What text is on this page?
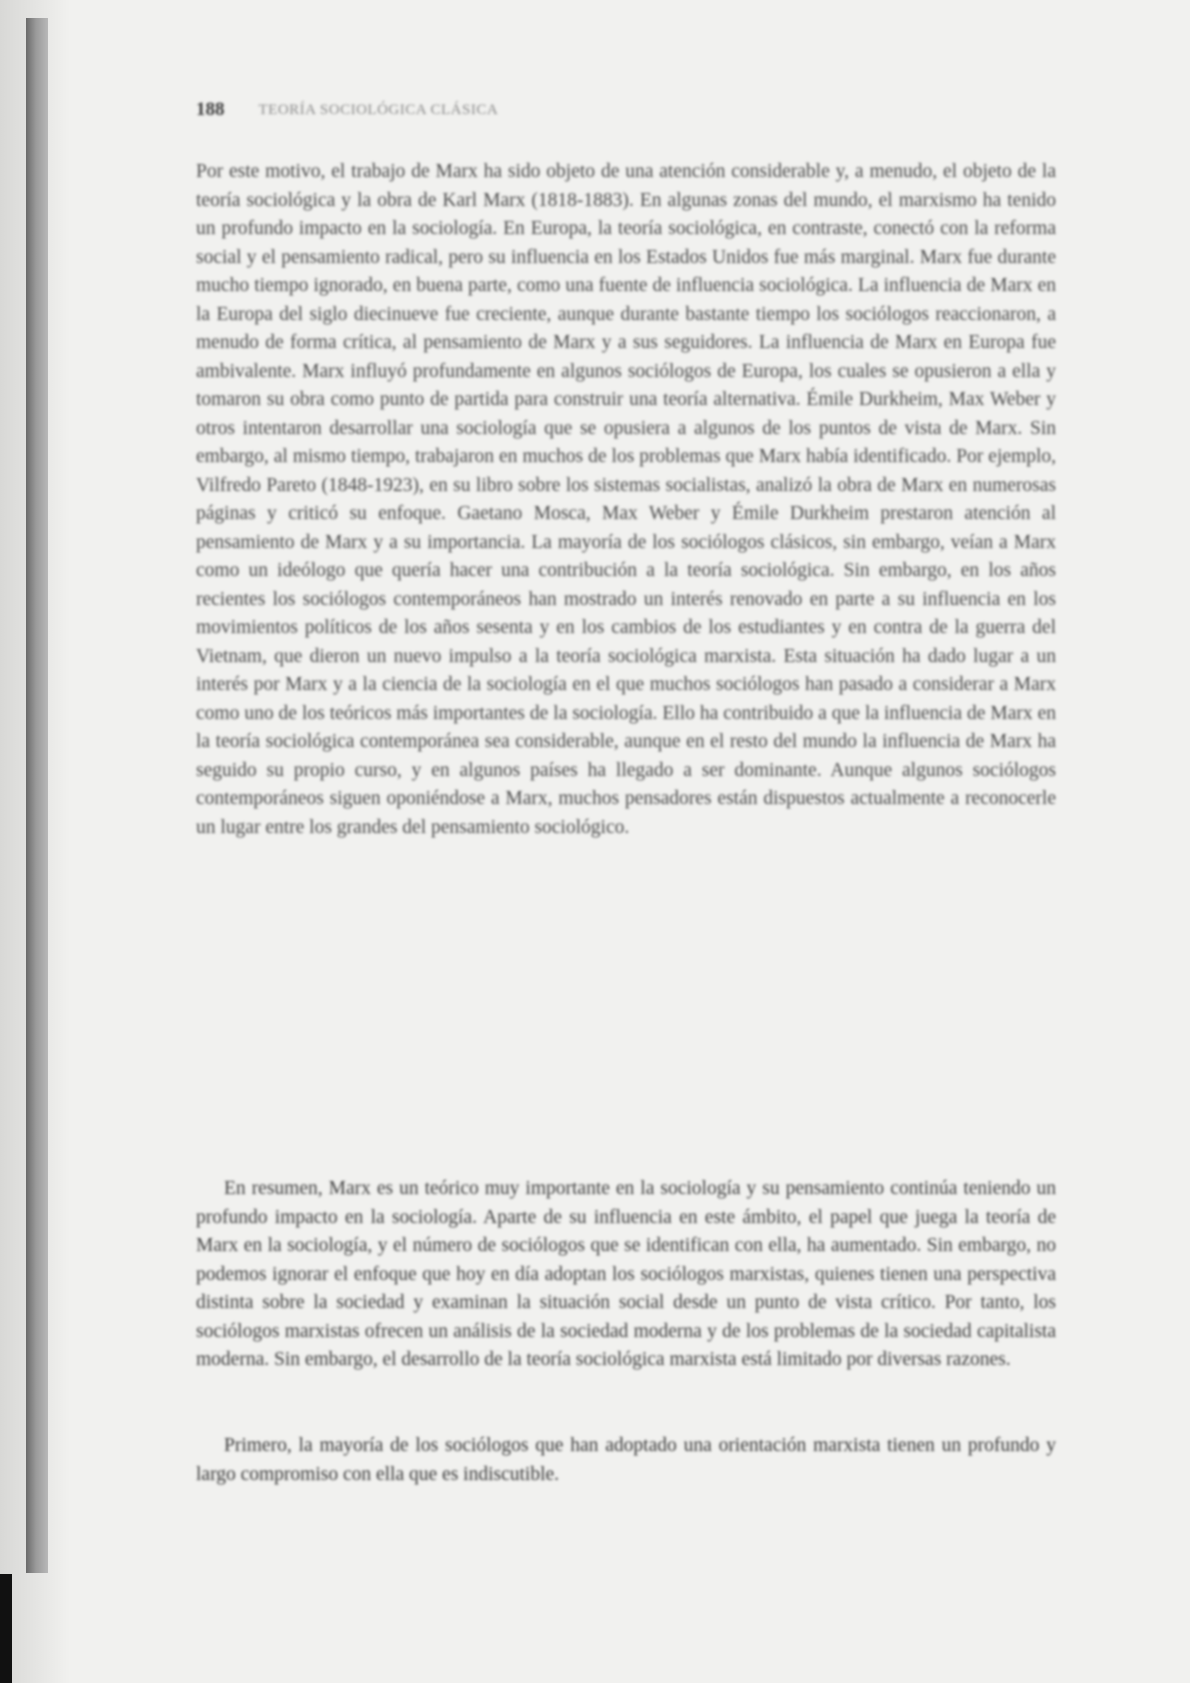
188 TEORÍA SOCIOLÓGICA CLÁSICA

Por este motivo, el trabajo de Marx ha sido objeto de una atención considerable y, a menudo, el objeto de la teoría sociológica y la obra de Karl Marx (1818-1883). En algunas zonas del mundo, el marxismo ha tenido un profundo impacto en la sociología. En Europa, la teoría sociológica, en contraste, conectó con la reforma social y el pensamiento radical, pero su influencia en los Estados Unidos fue más marginal. Marx fue durante mucho tiempo ignorado, en buena parte, como una fuente de influencia sociológica. La influencia de Marx en la Europa del siglo diecinueve fue creciente, aunque durante bastante tiempo los sociólogos reaccionaron, a menudo de forma crítica, al pensamiento de Marx y a sus seguidores. La influencia de Marx en Europa fue ambivalente. Marx influyó profundamente en algunos sociólogos de Europa, los cuales se opusieron a ella y tomaron su obra como punto de partida para construir una teoría alternativa. Émile Durkheim, Max Weber y otros intentaron desarrollar una sociología que se opusiera a algunos de los puntos de vista de Marx. Sin embargo, al mismo tiempo, trabajaron en muchos de los problemas que Marx había identificado. Por ejemplo, Vilfredo Pareto (1848-1923), en su libro sobre los sistemas socialistas, analizó la obra de Marx en numerosas páginas y criticó su enfoque. Gaetano Mosca, Max Weber y Émile Durkheim prestaron atención al pensamiento de Marx y a su importancia. La mayoría de los sociólogos clásicos, sin embargo, veían a Marx como un ideólogo que quería hacer una contribución a la teoría sociológica. Sin embargo, en los años recientes los sociólogos contemporáneos han mostrado un interés renovado en parte a su influencia en los movimientos políticos de los años sesenta y en los cambios de los estudiantes y en contra de la guerra del Vietnam, que dieron un nuevo impulso a la teoría sociológica marxista. Esta situación ha dado lugar a un interés por Marx y a la ciencia de la sociología en el que muchos sociólogos han pasado a considerar a Marx como uno de los teóricos más importantes de la sociología. Ello ha contribuido a que la influencia de Marx en la teoría sociológica contemporánea sea considerable, aunque en el resto del mundo la influencia de Marx ha seguido su propio curso, y en algunos países ha llegado a ser dominante. Aunque algunos sociólogos contemporáneos siguen oponiéndose a Marx, muchos pensadores están dispuestos actualmente a reconocerle un lugar entre los grandes del pensamiento sociológico.

En resumen, Marx es un teórico muy importante en la sociología y su pensamiento continúa teniendo un profundo impacto en la sociología. Aparte de su influencia en este ámbito, el papel que juega la teoría de Marx en la sociología, y el número de sociólogos que se identifican con ella, ha aumentado. Sin embargo, no podemos ignorar el enfoque que hoy en día adoptan los sociólogos marxistas, quienes tienen una perspectiva distinta sobre la sociedad y examinan la situación social desde un punto de vista crítico. Por tanto, los sociólogos marxistas ofrecen un análisis de la sociedad moderna y de los problemas de la sociedad capitalista moderna. Sin embargo, el desarrollo de la teoría sociológica marxista está limitado por diversas razones.

Primero, la mayoría de los sociólogos que han adoptado una orientación marxista tienen un profundo y largo compromiso con ella que es indiscutible.
